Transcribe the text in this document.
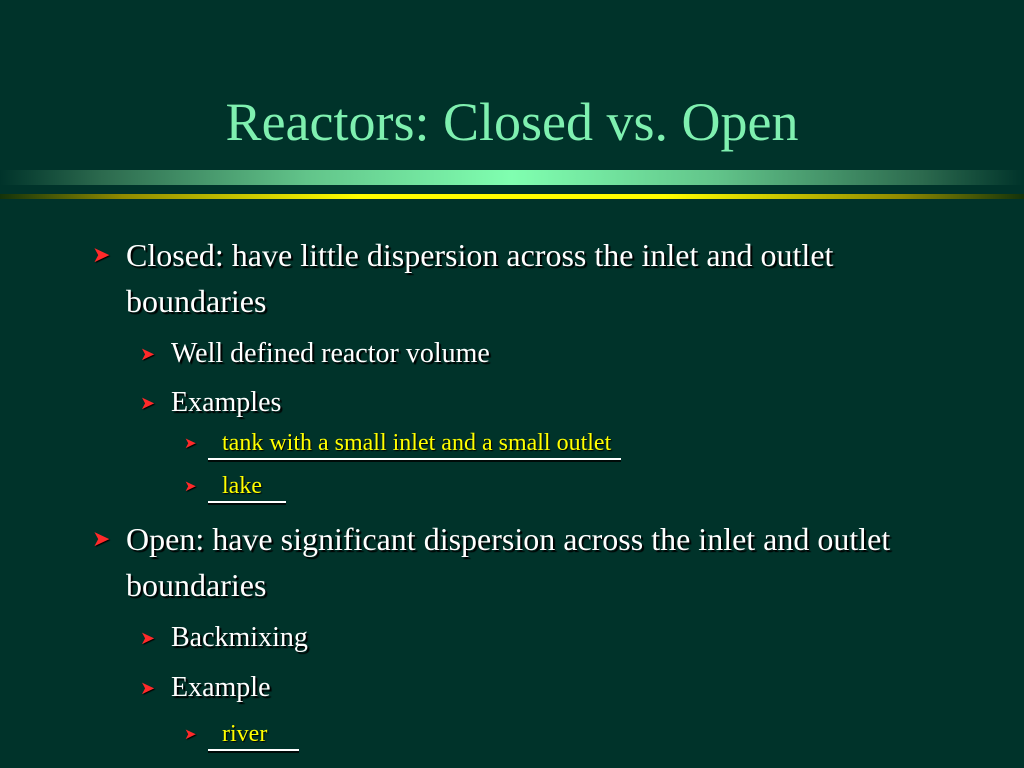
Reactors: Closed vs. Open
➤ Closed: have little dispersion across the inlet and outlet boundaries
➤ Well defined reactor volume
➤ Examples
➤	tank with a small inlet and a small outlet
➤	lake
➤ Open: have significant dispersion across the inlet and outlet boundaries
➤ Backmixing
➤ Example
➤	river
